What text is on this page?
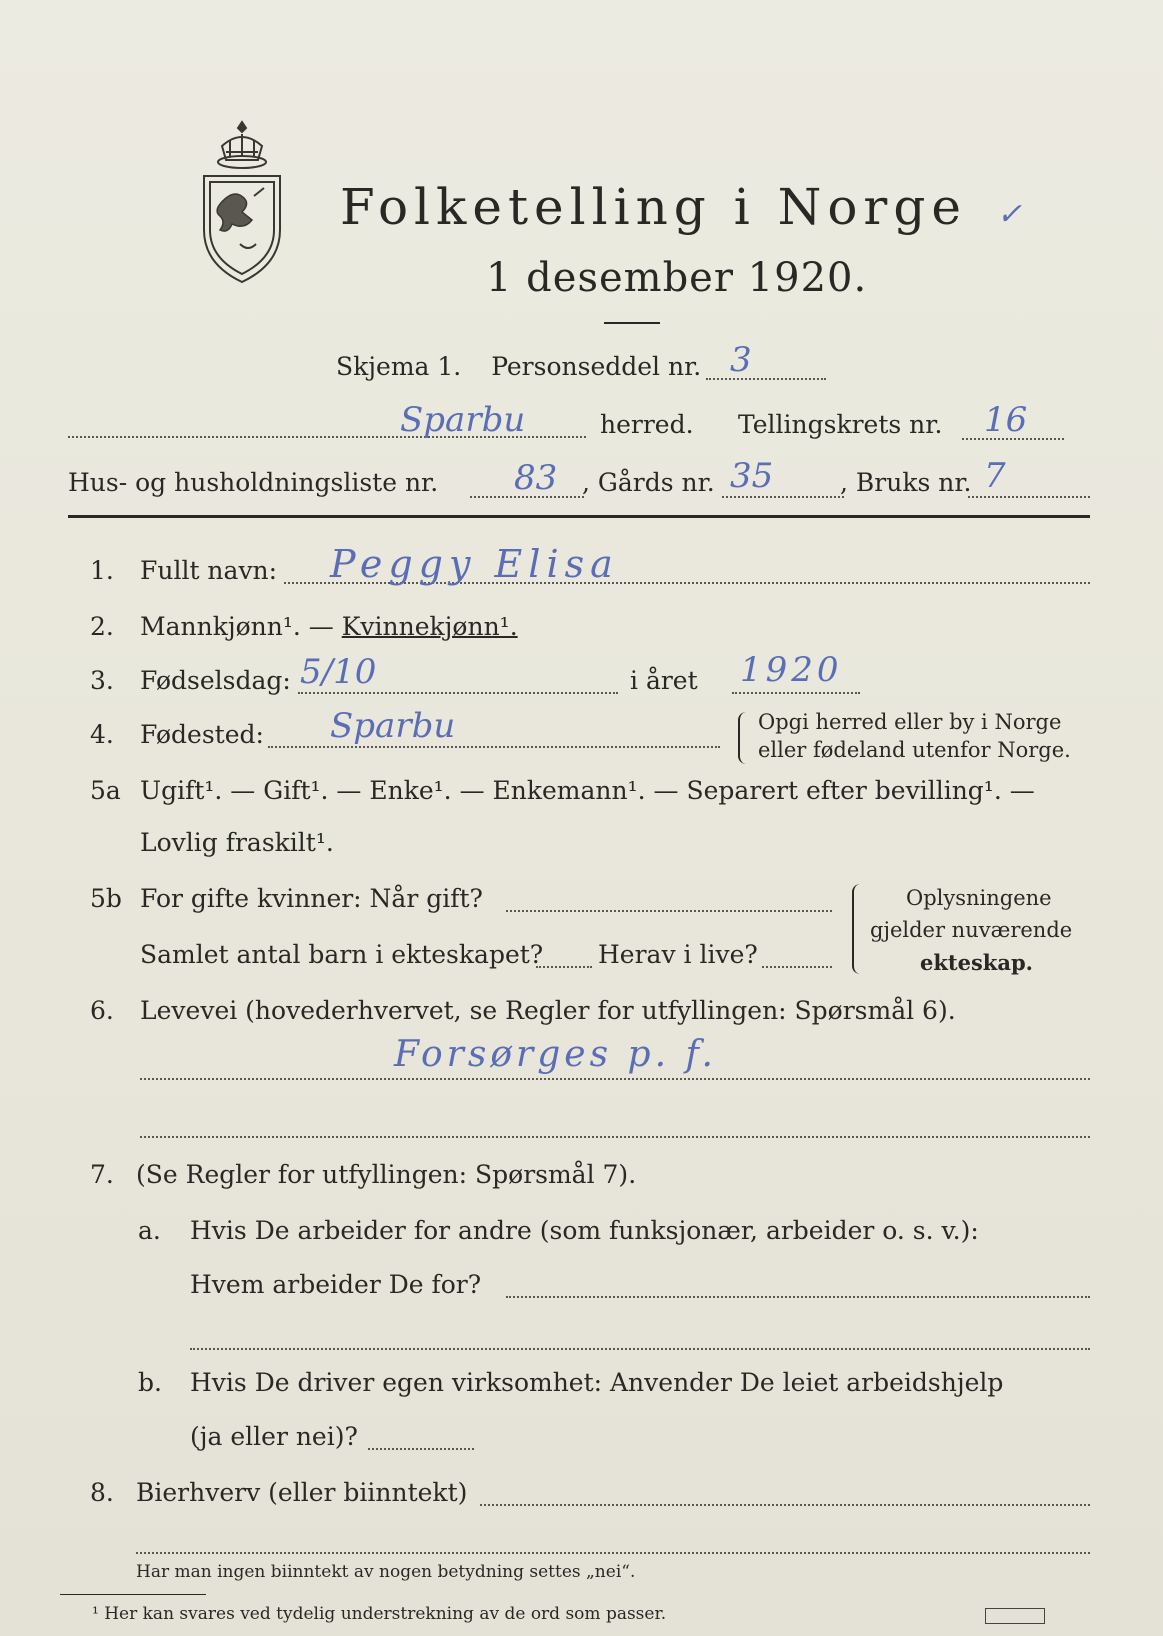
Folketelling i Norge ✓
1 desember 1920.
Skjema 1. Personseddel nr. 3
Sparbu	herred. Tellingskrets nr. 16
Hus- og husholdningsliste nr. 83 , Gårds nr. 35	, Bruks nr. 7
1. Fullt navn: Peggy Elisa
2. Mannkjønn¹. — Kvinnekjønn¹.
3. Fødselsdag: 5/10	i året 1920
4. Fødested: Sparbu	Opgi herred eller by i Norge
eller fødeland utenfor Norge.
5a Ugift¹. — Gift¹. — Enke¹. — Enkemann¹. — Separert efter bevilling¹. —
Lovlig fraskilt¹.
5b For gifte kvinner: Når gift?
Samlet antal barn i ekteskapet? Herav i live?
Oplysningene
gjelder nuværende
ekteskap.
6. Levevei (hovederhvervet, se Regler for utfyllingen: Spørsmål 6).
Forsørges p. f.
7. (Se Regler for utfyllingen: Spørsmål 7).
a. Hvis De arbeider for andre (som funksjonær, arbeider o. s. v.):
Hvem arbeider De for?
b. Hvis De driver egen virksomhet: Anvender De leiet arbeidshjelp
(ja eller nei)?
8. Bierhverv (eller biinntekt)
Har man ingen biinntekt av nogen betydning settes „nei“.
¹ Her kan svares ved tydelig understrekning av de ord som passer.
